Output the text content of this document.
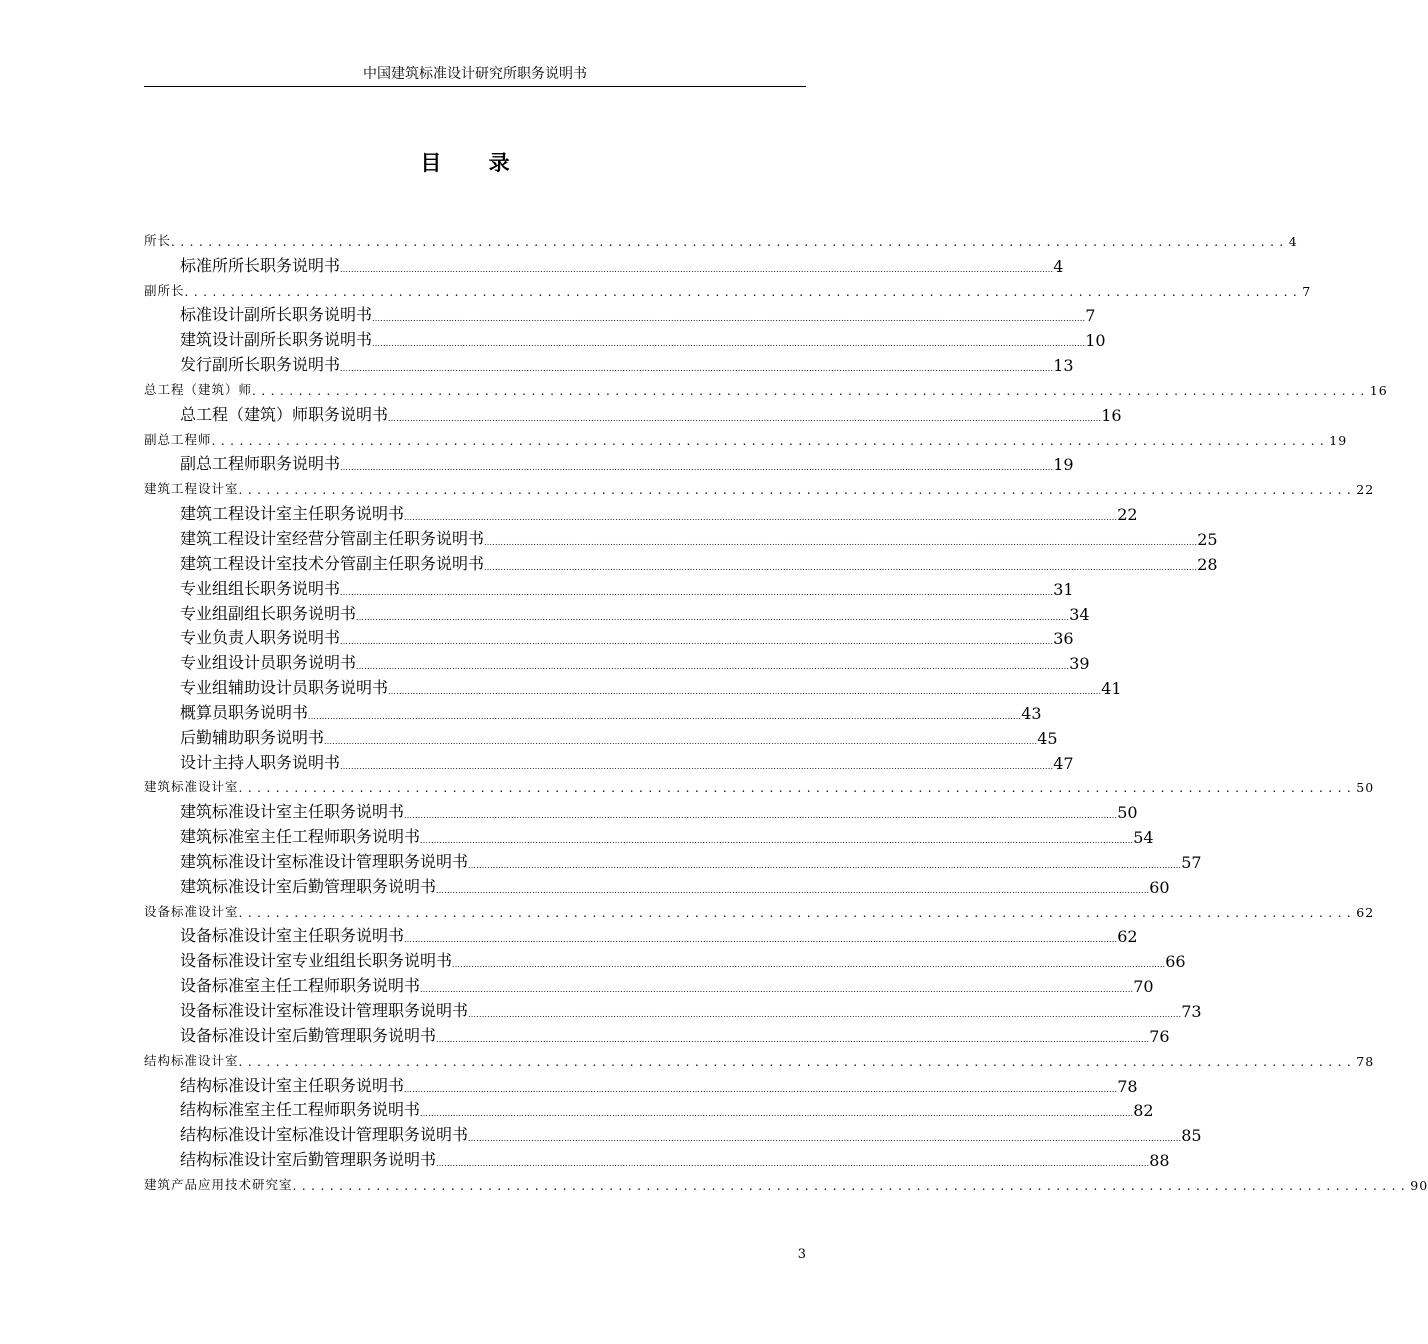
中国建筑标准设计研究所职务说明书
目 录
所长 ........................................................................................................................ 4
标准所所长职务说明书 .................................................................................................................................................................................................................................................................... 4
副所长 ........................................................................................................................ 7
标准设计副所长职务说明书 .................................................................................................................................................................................................................................................................... 7
建筑设计副所长职务说明书 .................................................................................................................................................................................................................................................................... 10
发行副所长职务说明书 .................................................................................................................................................................................................................................................................... 13
总工程（建筑）师 ........................................................................................................................ 16
总工程（建筑）师职务说明书 .................................................................................................................................................................................................................................................................... 16
副总工程师 ........................................................................................................................ 19
副总工程师职务说明书 .................................................................................................................................................................................................................................................................... 19
建筑工程设计室 ........................................................................................................................ 22
建筑工程设计室主任职务说明书 .................................................................................................................................................................................................................................................................... 22
建筑工程设计室经营分管副主任职务说明书 .................................................................................................................................................................................................................................................................... 25
建筑工程设计室技术分管副主任职务说明书 .................................................................................................................................................................................................................................................................... 28
专业组组长职务说明书 .................................................................................................................................................................................................................................................................... 31
专业组副组长职务说明书 .................................................................................................................................................................................................................................................................... 34
专业负责人职务说明书 .................................................................................................................................................................................................................................................................... 36
专业组设计员职务说明书 .................................................................................................................................................................................................................................................................... 39
专业组辅助设计员职务说明书 .................................................................................................................................................................................................................................................................... 41
概算员职务说明书 .................................................................................................................................................................................................................................................................... 43
后勤辅助职务说明书 .................................................................................................................................................................................................................................................................... 45
设计主持人职务说明书 .................................................................................................................................................................................................................................................................... 47
建筑标准设计室 ........................................................................................................................ 50
建筑标准设计室主任职务说明书 .................................................................................................................................................................................................................................................................... 50
建筑标准室主任工程师职务说明书 .................................................................................................................................................................................................................................................................... 54
建筑标准设计室标准设计管理职务说明书 .................................................................................................................................................................................................................................................................... 57
建筑标准设计室后勤管理职务说明书 .................................................................................................................................................................................................................................................................... 60
设备标准设计室 ........................................................................................................................ 62
设备标准设计室主任职务说明书 .................................................................................................................................................................................................................................................................... 62
设备标准设计室专业组组长职务说明书 .................................................................................................................................................................................................................................................................... 66
设备标准室主任工程师职务说明书 .................................................................................................................................................................................................................................................................... 70
设备标准设计室标准设计管理职务说明书 .................................................................................................................................................................................................................................................................... 73
设备标准设计室后勤管理职务说明书 .................................................................................................................................................................................................................................................................... 76
结构标准设计室 ........................................................................................................................ 78
结构标准设计室主任职务说明书 .................................................................................................................................................................................................................................................................... 78
结构标准室主任工程师职务说明书 .................................................................................................................................................................................................................................................................... 82
结构标准设计室标准设计管理职务说明书 .................................................................................................................................................................................................................................................................... 85
结构标准设计室后勤管理职务说明书 .................................................................................................................................................................................................................................................................... 88
建筑产品应用技术研究室 ........................................................................................................................ 90
3
